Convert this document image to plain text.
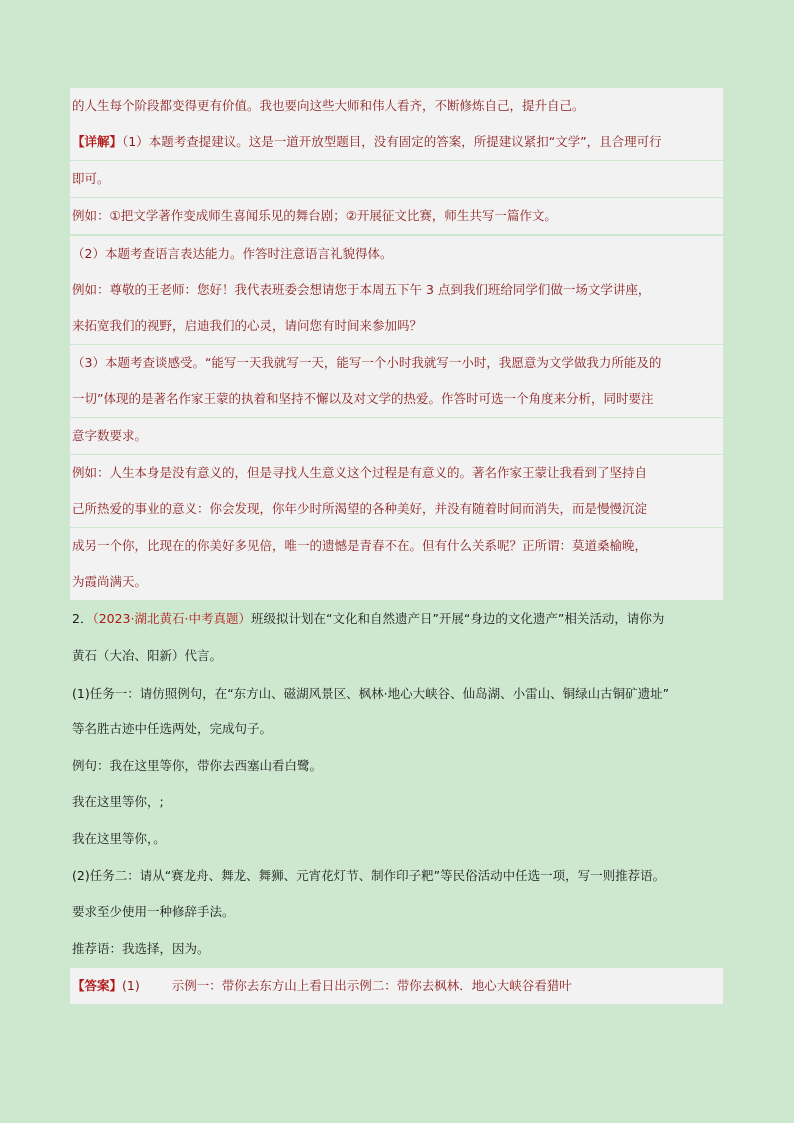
的人生每个阶段都变得更有价值。我也要向这些大师和伟人看齐，不断修炼自己，提升自己。
【详解】（1）本题考查提建议。这是一道开放型题目，没有固定的答案，所提建议紧扣“文学”，且合理可行
即可。
例如：①把文学著作变成师生喜闻乐见的舞台剧；②开展征文比赛，师生共写一篇作文。
（2）本题考查语言表达能力。作答时注意语言礼貌得体。
例如：尊敬的王老师：您好！我代表班委会想请您于本周五下午 3 点到我们班给同学们做一场文学讲座，
来拓宽我们的视野，启迪我们的心灵，请问您有时间来参加吗？
（3）本题考查谈感受。“能写一天我就写一天，能写一个小时我就写一小时，我愿意为文学做我力所能及的
一切”体现的是著名作家王蒙的执着和坚持不懈以及对文学的热爱。作答时可选一个角度来分析，同时要注
意字数要求。
例如：人生本身是没有意义的，但是寻找人生意义这个过程是有意义的。著名作家王蒙让我看到了坚持自
己所热爱的事业的意义：你会发现，你年少时所渴望的各种美好，并没有随着时间而消失，而是慢慢沉淀
成另一个你，比现在的你美好多见倍，唯一的遗憾是青春不在。但有什么关系呢？正所谓：莫道桑榆晚，
为霞尚满天。
2．（2023·湖北黄石·中考真题）班级拟计划在“文化和自然遗产日”开展“身边的文化遗产”相关活动，请你为
黄石（大冶、阳新）代言。
(1)任务一：请仿照例句，在“东方山、磁湖风景区、枫林·地心大峡谷、仙岛湖、小雷山、铜绿山古铜矿遗址”
等名胜古迹中任选两处，完成句子。
例句：我在这里等你，带你去西塞山看白鹭。
我在这里等你，;
我在这里等你，。
(2)任务二：请从“赛龙舟、舞龙、舞狮、元宵花灯节、制作印子粑”等民俗活动中任选一项，写一则推荐语。
要求至少使用一种修辞手法。
推荐语：我选择，因为。
【答案】(1)	示例一：带你去东方山上看日出示例二：带你去枫林．地心大峡谷看猎叶
